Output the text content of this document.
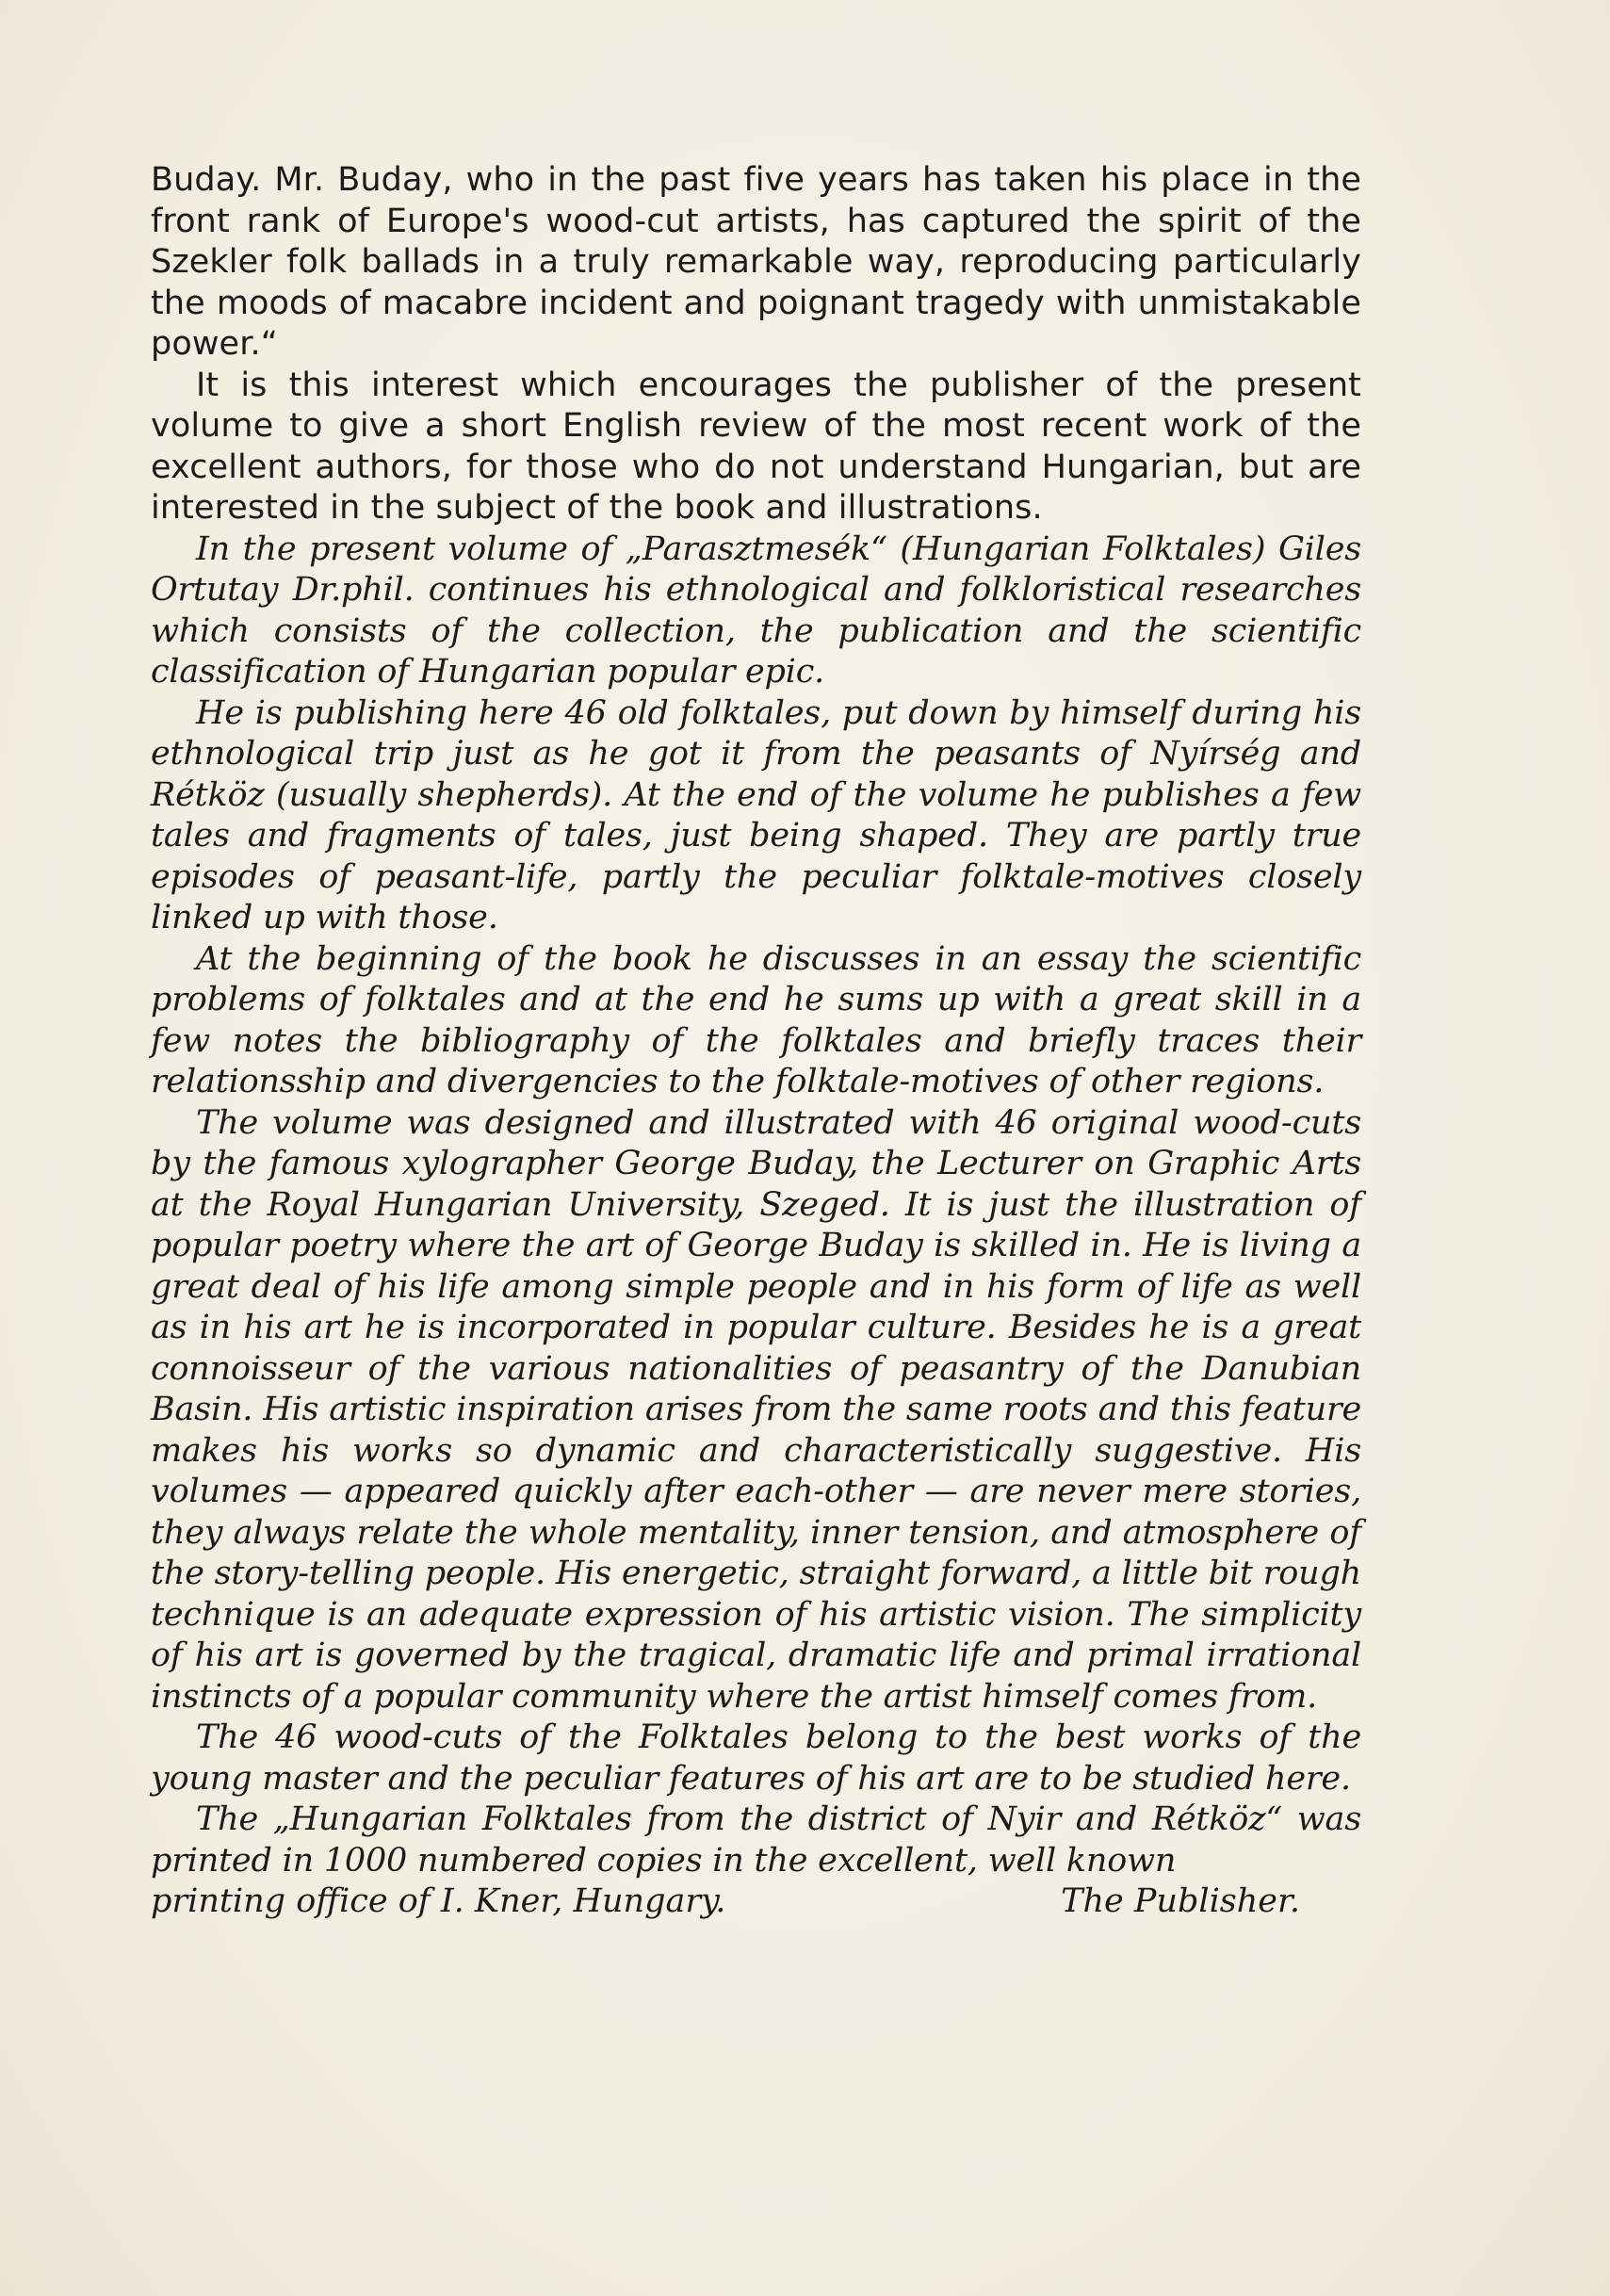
Buday. Mr. Buday, who in the past five years has taken his place in the front rank of Europe's wood-cut artists, has captured the spirit of the Szekler folk ballads in a truly remarkable way, reproducing particularly the moods of macabre incident and poignant tragedy with unmistakable power.“

It is this interest which encourages the publisher of the present volume to give a short English review of the most recent work of the excellent authors, for those who do not understand Hungarian, but are interested in the subject of the book and illustrations.

In the present volume of „Parasztmesék“ (Hungarian Folktales) Giles Ortutay Dr.phil. continues his ethnological and folkloristical researches which consists of the collection, the publication and the scientific classification of Hungarian popular epic.

He is publishing here 46 old folktales, put down by himself during his ethnological trip just as he got it from the peasants of Nyírség and Rétköz (usually shepherds). At the end of the volume he publishes a few tales and fragments of tales, just being shaped. They are partly true episodes of peasant-life, partly the peculiar folktale-motives closely linked up with those.

At the beginning of the book he discusses in an essay the scientific problems of folktales and at the end he sums up with a great skill in a few notes the bibliography of the folktales and briefly traces their relationsship and divergencies to the folktale-motives of other regions.

The volume was designed and illustrated with 46 original wood-cuts by the famous xylographer George Buday, the Lecturer on Graphic Arts at the Royal Hungarian University, Szeged. It is just the illustration of popular poetry where the art of George Buday is skilled in. He is living a great deal of his life among simple people and in his form of life as well as in his art he is incorporated in popular culture. Besides he is a great connoisseur of the various nationalities of peasantry of the Danubian Basin. His artistic inspiration arises from the same roots and this feature makes his works so dynamic and characteristically suggestive. His volumes — appeared quickly after each-other — are never mere stories, they always relate the whole mentality, inner tension, and atmosphere of the story-telling people. His energetic, straight forward, a little bit rough technique is an adequate expression of his artistic vision. The simplicity of his art is governed by the tragical, dramatic life and primal irrational instincts of a popular community where the artist himself comes from.

The 46 wood-cuts of the Folktales belong to the best works of the young master and the peculiar features of his art are to be studied here.

The „Hungarian Folktales from the district of Nyir and Rétköz“ was printed in 1000 numbered copies in the excellent, well known

printing office of I. Kner, Hungary.	The Publisher.
